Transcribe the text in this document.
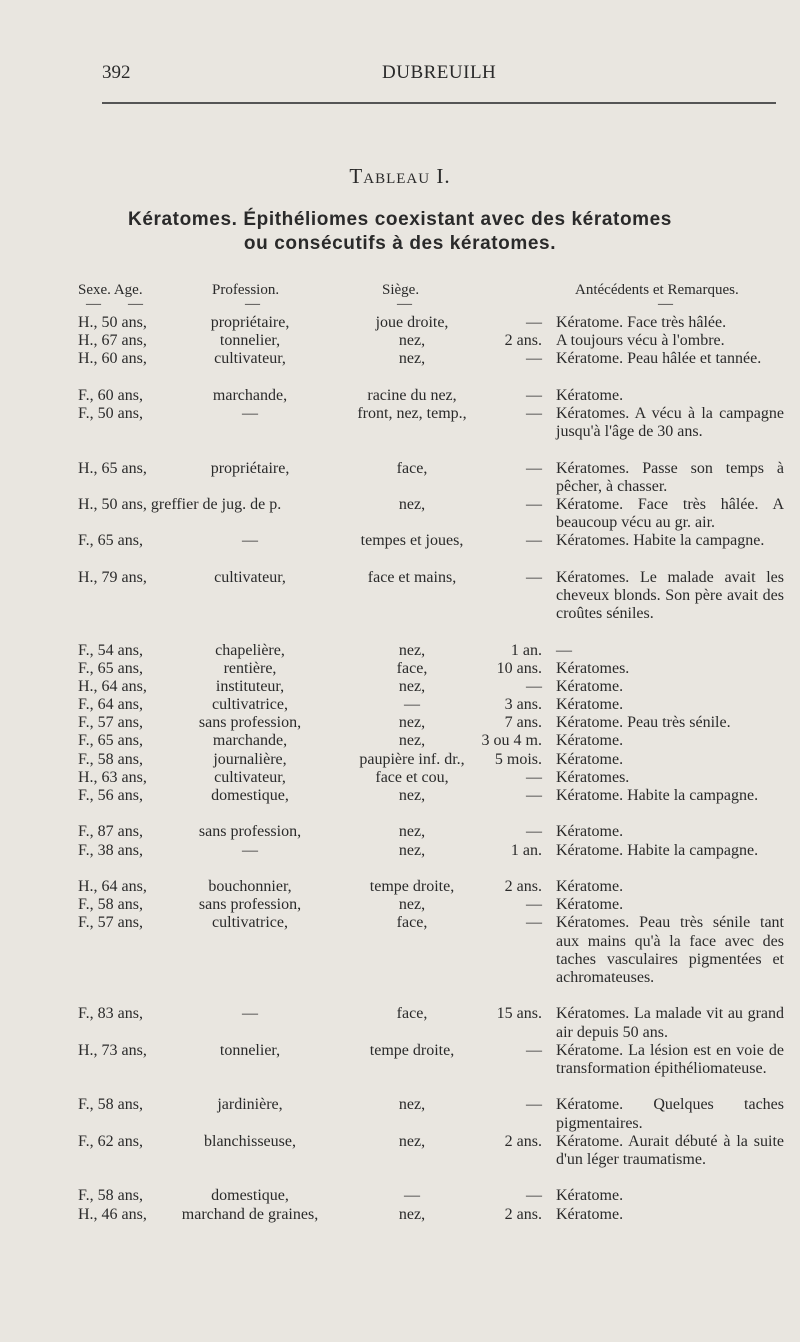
392	DUBREUILH
Tableau I.
Kératomes. Épithéliomes coexistant avec des kératomes
ou consécutifs à des kératomes.
Sexe. Age.	Profession.	Siège.	Antécédents et Remarques.
— —	—	—	—
H., 50 ans,	propriétaire,	joue droite,	— Kératome. Face très hâlée.
H., 67 ans,	tonnelier,	nez,	2 ans. A toujours vécu à l'ombre.
H., 60 ans,	cultivateur,	nez,	— Kératome. Peau hâlée et tannée.
F., 60 ans,	marchande,	racine du nez,	— Kératome.
F., 50 ans,	—	front, nez, temp.,	— Kératomes. A vécu à la campagne jusqu'à l'âge de 30 ans.
H., 65 ans,	propriétaire,	face,	— Kératomes. Passe son temps à pêcher, à chasser.
H., 50 ans, greffier de jug. de p.	nez,	— Kératome. Face très hâlée. A beaucoup vécu au gr. air.
F., 65 ans,	—	tempes et joues,	— Kératomes. Habite la campagne.
H., 79 ans,	cultivateur,	face et mains,	— Kératomes. Le malade avait les cheveux blonds. Son père avait des croûtes séniles.
F., 54 ans,	chapelière,	nez,	1 an. —
F., 65 ans,	rentière,	face,	10 ans. Kératomes.
H., 64 ans,	instituteur,	nez,	— Kératome.
F., 64 ans,	cultivatrice,	—	3 ans. Kératome.
F., 57 ans,	sans profession,	nez,	7 ans. Kératome. Peau très sénile.
F., 65 ans,	marchande,	nez,	3 ou 4 m. Kératome.
F., 58 ans,	journalière,	paupière inf. dr., 5 mois. Kératome.
H., 63 ans,	cultivateur,	face et cou,	— Kératomes.
F., 56 ans,	domestique,	nez,	— Kératome. Habite la campagne.
F., 87 ans,	sans profession,	nez,	— Kératome.
F., 38 ans,	—	nez,	1 an. Kératome. Habite la campagne.
H., 64 ans,	bouchonnier,	tempe droite,	2 ans. Kératome.
F., 58 ans,	sans profession,	nez,	— Kératome.
F., 57 ans,	cultivatrice,	face,	— Kératomes. Peau très sénile tant aux mains qu'à la face avec des taches vasculaires pigmentées et achromateuses.
F., 83 ans,	—	face,	15 ans. Kératomes. La malade vit au grand air depuis 50 ans.
H., 73 ans,	tonnelier,	tempe droite,	— Kératome. La lésion est en voie de transformation épithéliomateuse.
F., 58 ans,	jardinière,	nez,	— Kératome. Quelques taches pigmentaires.
F., 62 ans,	blanchisseuse,	nez,	2 ans. Kératome. Aurait débuté à la suite d'un léger traumatisme.
F., 58 ans,	domestique,	—	— Kératome.
H., 46 ans, marchand de graines,	nez,	2 ans. Kératome.
